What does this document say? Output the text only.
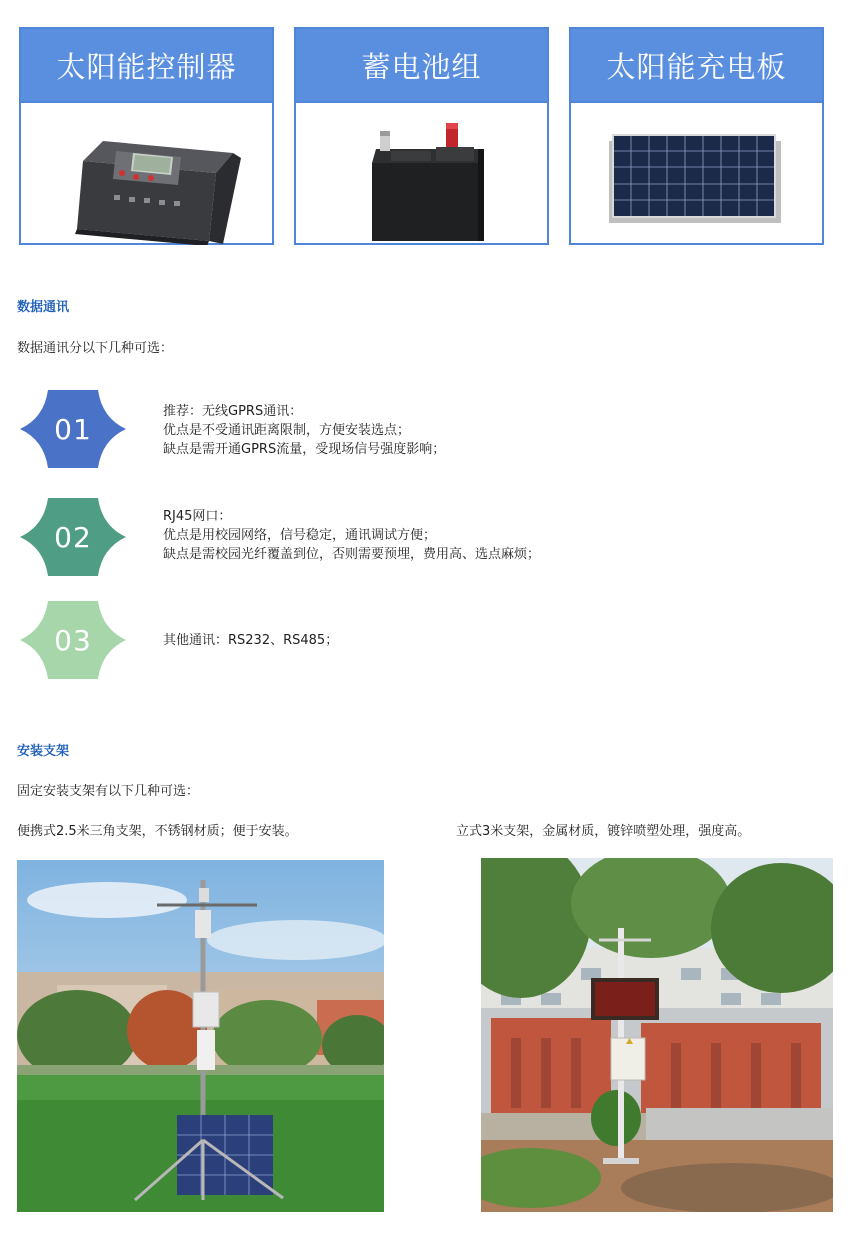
太阳能控制器	蓄电池组	太阳能充电板
数据通讯
数据通讯分以下几种可选：
01
推荐：无线GPRS通讯：
优点是不受通讯距离限制，方便安装选点；
缺点是需开通GPRS流量，受现场信号强度影响；
02
RJ45网口：
优点是用校园网络，信号稳定，通讯调试方便；
缺点是需校园光纤覆盖到位，否则需要预埋，费用高、选点麻烦；
03	其他通讯：RS232、RS485；
安装支架
固定安装支架有以下几种可选：
便携式2.5米三角支架，不锈钢材质；便于安装。	立式3米支架，金属材质，镀锌喷塑处理，强度高。
